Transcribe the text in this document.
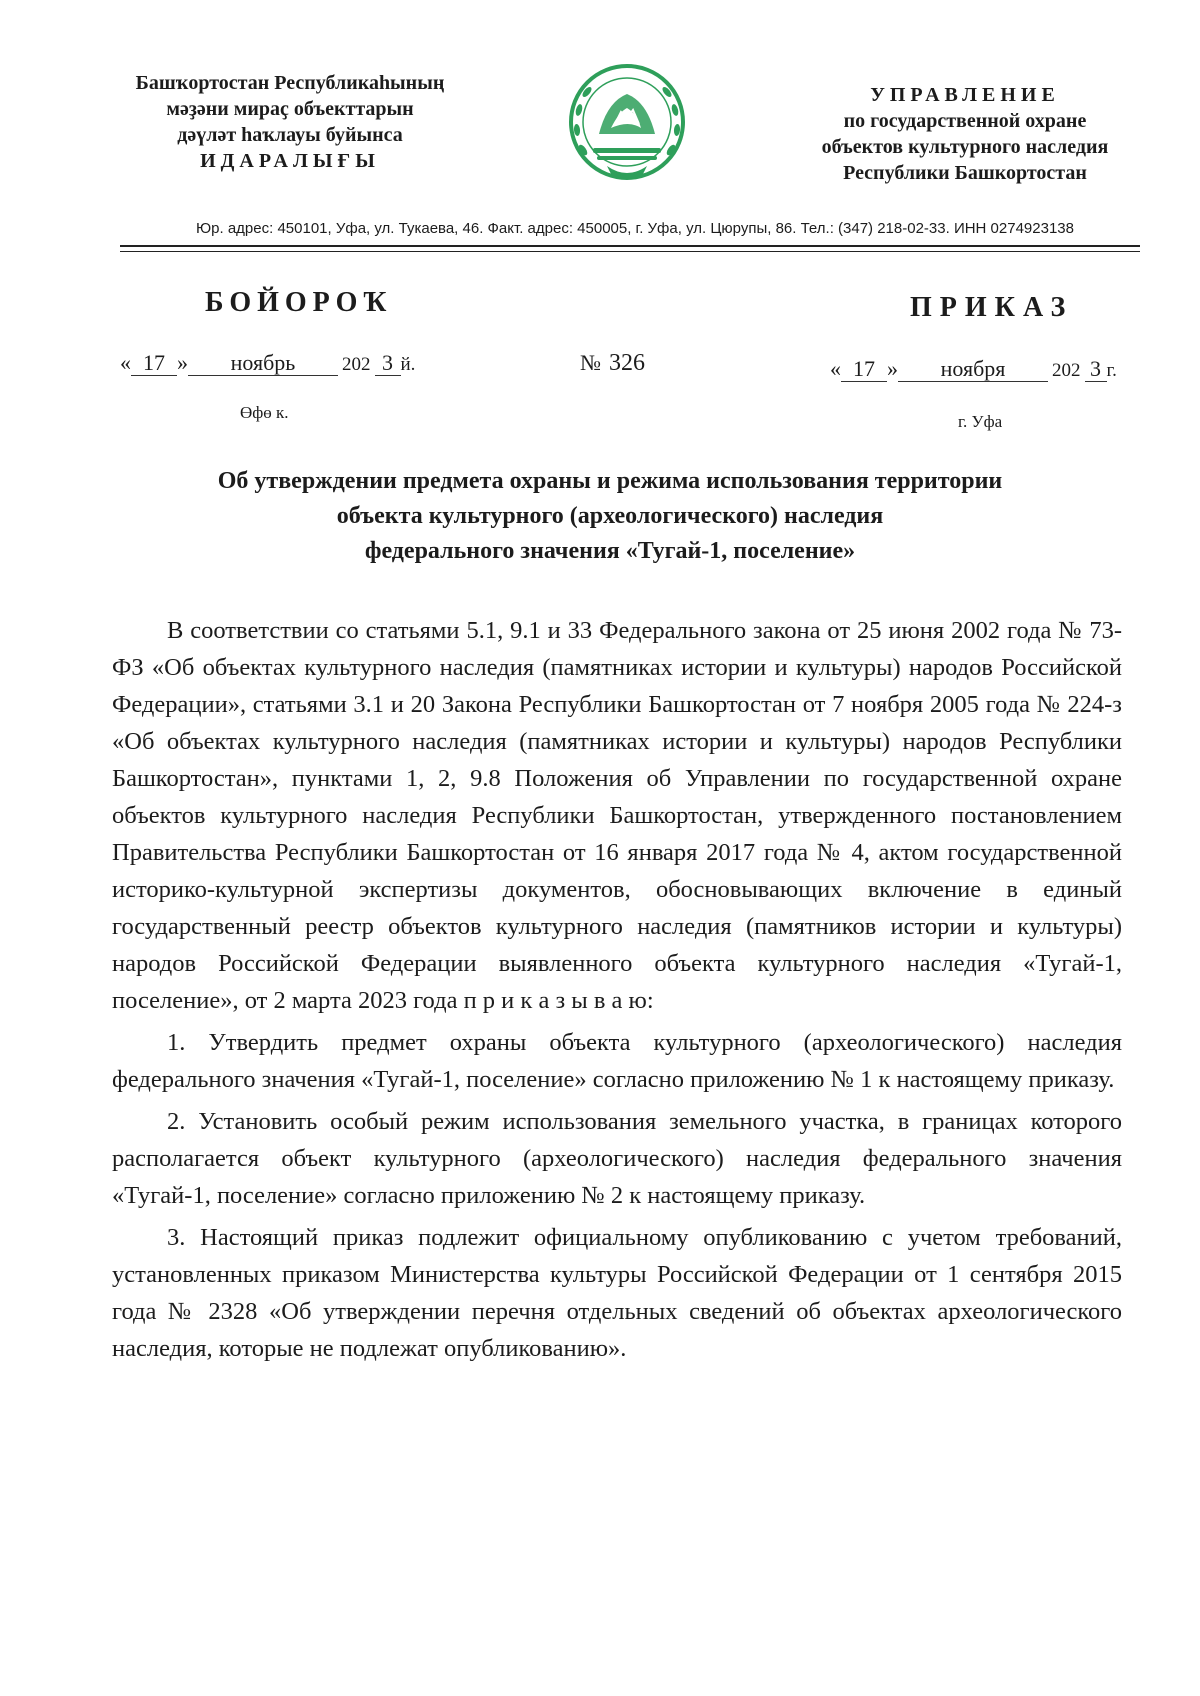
Башҡортостан Республикаһының
мәҙәни мираҫ объекттарын
дәүләт һаҡлауы буйынса
ИДАРАЛЫҒЫ
УПРАВЛЕНИЕ
по государственной охране
объектов культурного наследия
Республики Башкортостан
Юр. адрес: 450101, Уфа, ул. Тукаева, 46. Факт. адрес: 450005, г. Уфа, ул. Цюрупы, 86. Тел.: (347) 218-02-33. ИНН 0274923138
БОЙОРОҠ	ПРИКАЗ
« 17 » ноябрь 202 3 й.	№ 326	« 17 » ноября 202 3 г.
Өфө к.	г. Уфа
Об утверждении предмета охраны и режима использования территории
объекта культурного (археологического) наследия
федерального значения «Тугай-1, поселение»

В соответствии со статьями 5.1, 9.1 и 33 Федерального закона от 25 июня 2002 года № 73-ФЗ «Об объектах культурного наследия (памятниках истории и культуры) народов Российской Федерации», статьями 3.1 и 20 Закона Республики Башкортостан от 7 ноября 2005 года № 224-з «Об объектах культурного наследия (памятниках истории и культуры) народов Республики Башкортостан», пунктами 1, 2, 9.8 Положения об Управлении по государственной охране объектов культурного наследия Республики Башкортостан, утвержденного постановлением Правительства Республики Башкортостан от 16 января 2017 года № 4, актом государственной историко-культурной экспертизы документов, обосновывающих включение в единый государственный реестр объектов культурного наследия (памятников истории и культуры) народов Российской Федерации выявленного объекта культурного наследия «Тугай-1, поселение», от 2 марта 2023 года п р и к а з ы в а ю:

1. Утвердить предмет охраны объекта культурного (археологического) наследия федерального значения «Тугай-1, поселение» согласно приложению № 1 к настоящему приказу.

2. Установить особый режим использования земельного участка, в границах которого располагается объект культурного (археологического) наследия федерального значения «Тугай-1, поселение» согласно приложению № 2 к настоящему приказу.

3. Настоящий приказ подлежит официальному опубликованию с учетом требований, установленных приказом Министерства культуры Российской Федерации от 1 сентября 2015 года № 2328 «Об утверждении перечня отдельных сведений об объектах археологического наследия, которые не подлежат опубликованию».
